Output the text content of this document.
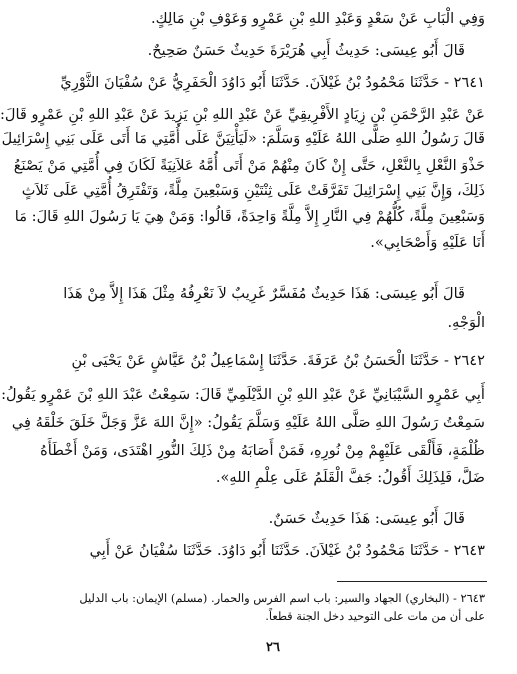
وَفِي الْبَابِ عَنْ سَعْدٍ وَعَبْدِ اللهِ بْنِ عَمْرٍو وَعَوْفِ بْنِ مَالِكٍ.
قَالَ أَبُو عِيسَى: حَدِيثُ أَبِي هُرَيْرَةَ حَدِيثٌ حَسَنٌ صَحِيحٌ.
٢٦٤١ - حَدَّثَنَا مَحْمُودُ بْنُ غَيْلاَنَ. حَدَّثَنَا أَبُو دَاوُدَ الْحَفَرِيُّ عَنْ سُفْيَانَ الثَّوْرِيِّ
عَنْ عَبْدِ الرَّحْمَنِ بْنِ زِيَادٍ الأَفْرِيقِيِّ عَنْ عَبْدِ اللهِ بْنِ يَزِيدَ عَنْ عَبْدِ اللهِ بْنِ عَمْرٍو قَالَ:
قَالَ رَسُولُ اللهِ صَلَّى اللهُ عَلَيْهِ وَسَلَّمَ: «لَيَأْتِيَنَّ عَلَى أُمَّتِي مَا أَتَى عَلَى بَنِي إِسْرَائِيلَ
حَذْوَ النَّعْلِ بِالنَّعْلِ، حَتَّى إِنْ كَانَ مِنْهُمْ مَنْ أَتَى أُمَّهُ عَلاَنِيَةً لَكَانَ فِي أُمَّتِي مَنْ يَصْنَعُ
ذَلِكَ، وَإِنَّ بَنِي إِسْرَائِيلَ تَفَرَّقَتْ عَلَى ثِنْتَيْنِ وَسَبْعِينَ مِلَّةً، وَتَفْتَرِقُ أُمَّتِي عَلَى ثَلاَثٍ
وَسَبْعِينَ مِلَّةً، كُلُّهُمْ فِي النَّارِ إِلاَّ مِلَّةً وَاحِدَةً، قَالُوا: وَمَنْ هِيَ يَا رَسُولَ اللهِ قَالَ: مَا
أَنَا عَلَيْهِ وَأَصْحَابِي».
قَالَ أَبُو عِيسَى: هَذَا حَدِيثٌ مُفَسَّرٌ غَرِيبٌ لاَ نَعْرِفُهُ مِثْلَ هَذَا إِلاَّ مِنْ هَذَا
الْوَجْهِ.
٢٦٤٢ - حَدَّثَنَا الْحَسَنُ بْنُ عَرَفَةَ. حَدَّثَنَا إِسْمَاعِيلُ بْنُ عَيَّاشٍ عَنْ يَحْيَى بْنِ
أَبِي عَمْرٍو السَّيْبَانِيِّ عَنْ عَبْدِ اللهِ بْنِ الدَّيْلَمِيِّ قَالَ: سَمِعْتُ عَبْدَ اللهِ بْنَ عَمْرٍو يَقُولُ:
سَمِعْتُ رَسُولَ اللهِ صَلَّى اللهُ عَلَيْهِ وَسَلَّمَ يَقُولُ: «إِنَّ اللهَ عَزَّ وَجَلَّ خَلَقَ خَلْقَهُ فِي
ظُلْمَةٍ، فَأَلْقَى عَلَيْهِمْ مِنْ نُورِهِ، فَمَنْ أَصَابَهُ مِنْ ذَلِكَ النُّورِ اهْتَدَى، وَمَنْ أَخْطَأَهُ
ضَلَّ، فَلِذَلِكَ أَقُولُ: جَفَّ الْقَلَمُ عَلَى عِلْمِ اللهِ».
قَالَ أَبُو عِيسَى: هَذَا حَدِيثٌ حَسَنٌ.
٢٦٤٣ - حَدَّثَنَا مَحْمُودُ بْنُ غَيْلاَنَ. حَدَّثَنَا أَبُو دَاوُدَ. حَدَّثَنَا سُفْيَانُ عَنْ أَبِي
٢٦٤٣ - (البخاري) الجهاد والسير: باب اسم الفرس والحمار. (مسلم) الإيمان: باب الدليل
على أن من مات على التوحيد دخل الجنة قطعاً.
٢٦
